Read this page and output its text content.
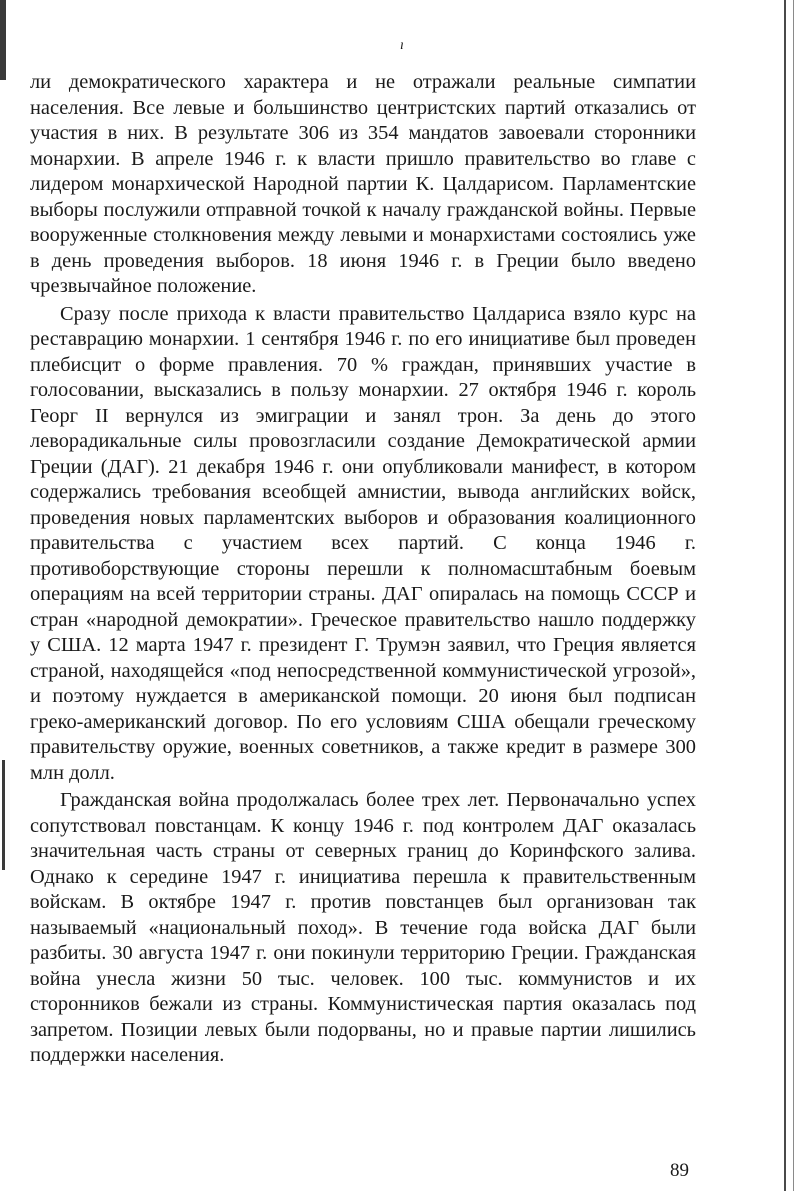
ı

ли демократического характера и не отражали реальные симпатии населения. Все левые и большинство центристских партий отказались от участия в них. В результате 306 из 354 мандатов завоевали сторонники монархии. В апреле 1946 г. к власти пришло правительство во главе с лидером монархической Народной партии К. Цалдарисом. Парламентские выборы послужили отправной точкой к началу гражданской войны. Первые вооруженные столкновения между левыми и монархистами состоялись уже в день проведения выборов. 18 июня 1946 г. в Греции было введено чрезвычайное положение.

Сразу после прихода к власти правительство Цалдариса взяло курс на реставрацию монархии. 1 сентября 1946 г. по его инициативе был проведен плебисцит о форме правления. 70 % граждан, принявших участие в голосовании, высказались в пользу монархии. 27 октября 1946 г. король Георг II вернулся из эмиграции и занял трон. За день до этого леворадикальные силы провозгласили создание Демократической армии Греции (ДАГ). 21 декабря 1946 г. они опубликовали манифест, в котором содержались требования всеобщей амнистии, вывода английских войск, проведения новых парламентских выборов и образования коалиционного правительства с участием всех партий. С конца 1946 г. противоборствующие стороны перешли к полномасштабным боевым операциям на всей территории страны. ДАГ опиралась на помощь СССР и стран «народной демократии». Греческое правительство нашло поддержку у США. 12 марта 1947 г. президент Г. Трумэн заявил, что Греция является страной, находящейся «под непосредственной коммунистической угрозой», и поэтому нуждается в американской помощи. 20 июня был подписан греко-американский договор. По его условиям США обещали греческому правительству оружие, военных советников, а также кредит в размере 300 млн долл.

Гражданская война продолжалась более трех лет. Первоначально успех сопутствовал повстанцам. К концу 1946 г. под контролем ДАГ оказалась значительная часть страны от северных границ до Коринфского залива. Однако к середине 1947 г. инициатива перешла к правительственным войскам. В октябре 1947 г. против повстанцев был организован так называемый «национальный поход». В течение года войска ДАГ были разбиты. 30 августа 1947 г. они покинули территорию Греции. Гражданская война унесла жизни 50 тыс. человек. 100 тыс. коммунистов и их сторонников бежали из страны. Коммунистическая партия оказалась под запретом. Позиции левых были подорваны, но и правые партии лишились поддержки населения.

89
